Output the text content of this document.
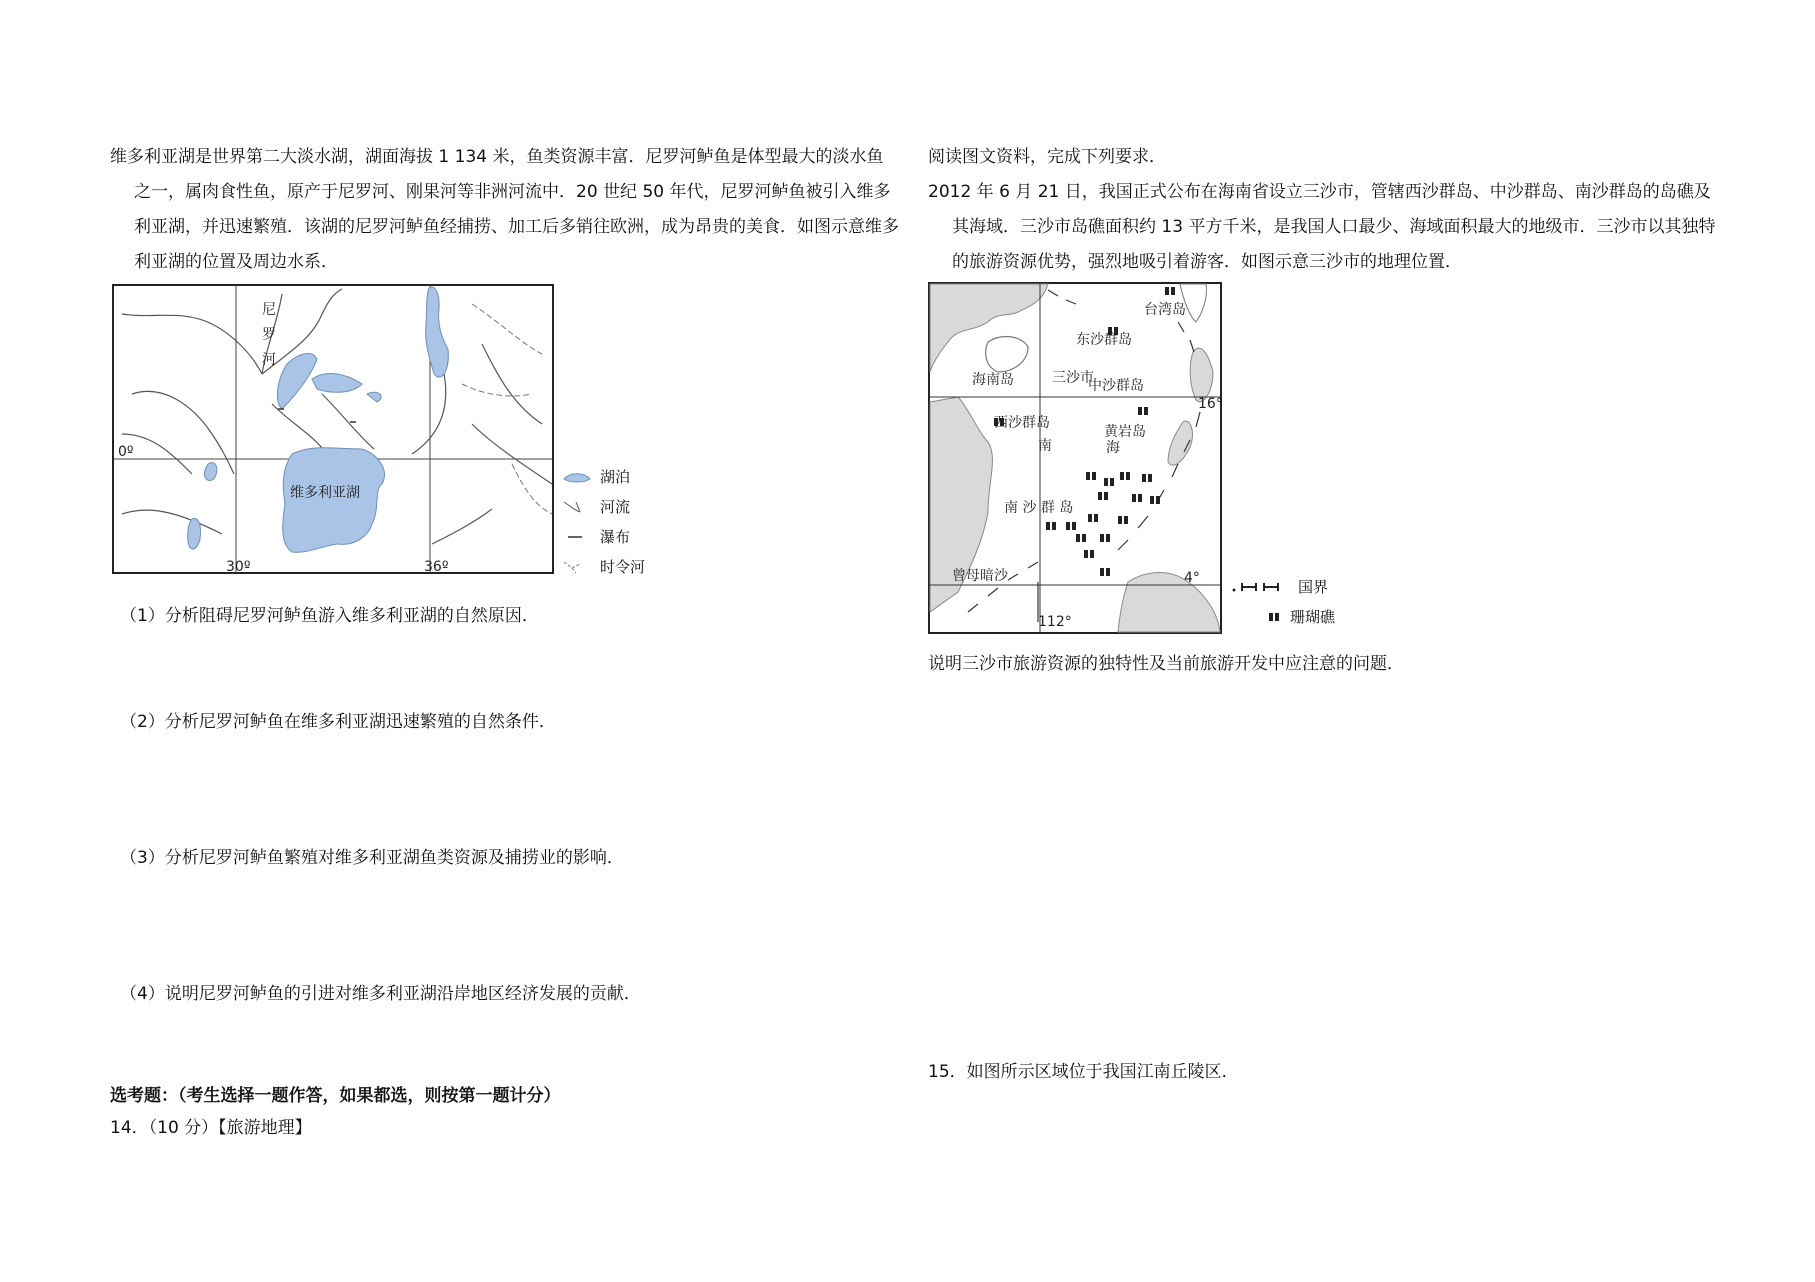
维多利亚湖是世界第二大淡水湖，湖面海拔 1 134 米，鱼类资源丰富．尼罗河鲈鱼是体型最大的淡水鱼之一，属肉食性鱼，原产于尼罗河、刚果河等非洲河流中．20 世纪 50 年代，尼罗河鲈鱼被引入维多利亚湖，并迅速繁殖．该湖的尼罗河鲈鱼经捕捞、加工后多销往欧洲，成为昂贵的美食．如图示意维多利亚湖的位置及周边水系．

尼
罗
河
维多利亚湖
0º
30º	36º
湖泊
河流
瀑布
时令河
（1）分析阻碍尼罗河鲈鱼游入维多利亚湖的自然原因．
（2）分析尼罗河鲈鱼在维多利亚湖迅速繁殖的自然条件．
（3）分析尼罗河鲈鱼繁殖对维多利亚湖鱼类资源及捕捞业的影响．
（4）说明尼罗河鲈鱼的引进对维多利亚湖沿岸地区经济发展的贡献．
选考题：（考生选择一题作答，如果都选，则按第一题计分）
14．（10 分）【旅游地理】

阅读图文资料，完成下列要求．

2012 年 6 月 21 日，我国正式公布在海南省设立三沙市，管辖西沙群岛、中沙群岛、南沙群岛的岛礁及其海域．三沙市岛礁面积约 13 平方千米，是我国人口最少、海域面积最大的地级市．三沙市以其独特的旅游资源优势，强烈地吸引着游客．如图示意三沙市的地理位置．

台湾岛
东沙群岛
海南岛	三沙市
中沙群岛
西沙群岛
黄岩岛
南	海
南 沙 群 岛
曾母暗沙
16°
4°
112°
国界
珊瑚礁
说明三沙市旅游资源的独特性及当前旅游开发中应注意的问题．
15．如图所示区域位于我国江南丘陵区．
